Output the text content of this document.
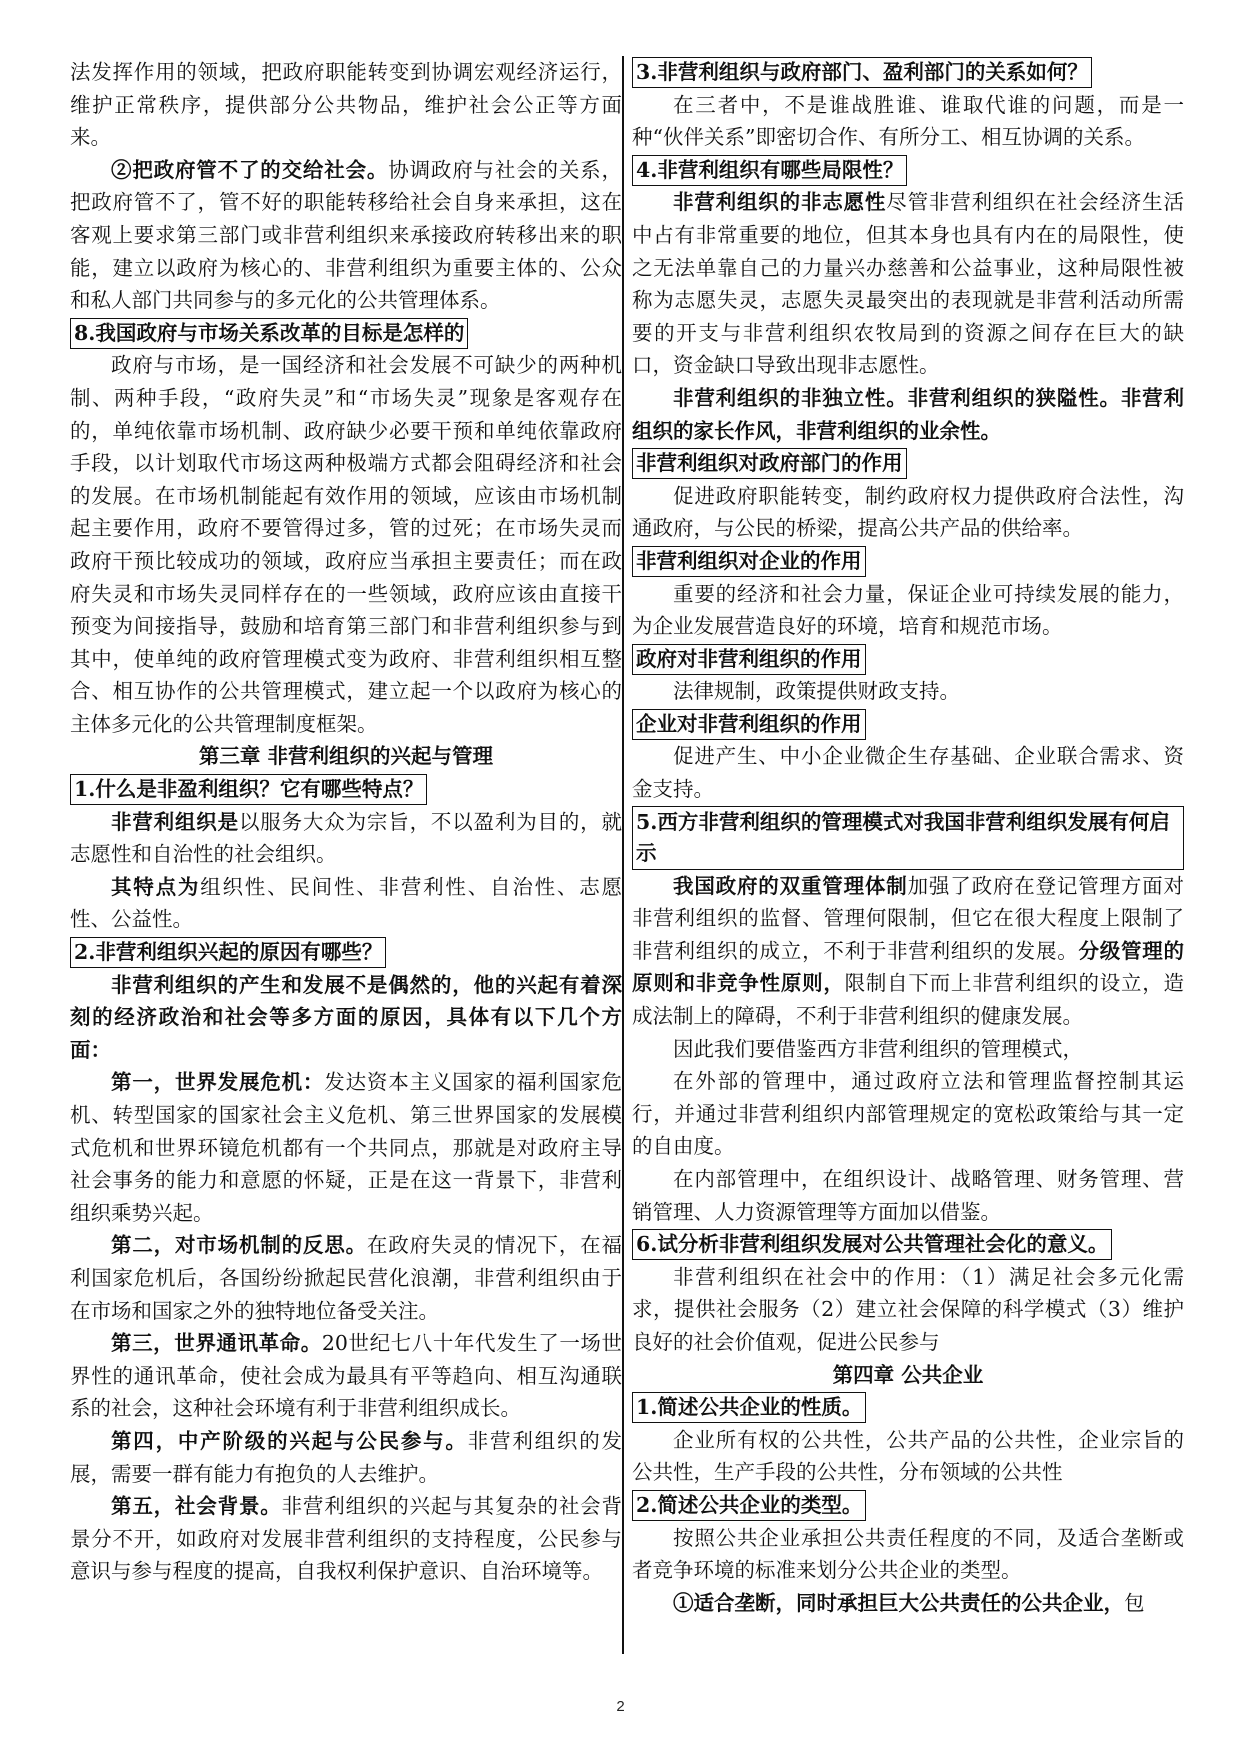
法发挥作用的领域，把政府职能转变到协调宏观经济运行，维护正常秩序，提供部分公共物品，维护社会公正等方面来。

②把政府管不了的交给社会。协调政府与社会的关系，把政府管不了，管不好的职能转移给社会自身来承担，这在客观上要求第三部门或非营利组织来承接政府转移出来的职能，建立以政府为核心的、非营利组织为重要主体的、公众和私人部门共同参与的多元化的公共管理体系。

8.我国政府与市场关系改革的目标是怎样的

政府与市场，是一国经济和社会发展不可缺少的两种机制、两种手段，“政府失灵”和“市场失灵”现象是客观存在的，单纯依靠市场机制、政府缺少必要干预和单纯依靠政府手段，以计划取代市场这两种极端方式都会阻碍经济和社会的发展。在市场机制能起有效作用的领域，应该由市场机制起主要作用，政府不要管得过多，管的过死；在市场失灵而政府干预比较成功的领域，政府应当承担主要责任；而在政府失灵和市场失灵同样存在的一些领域，政府应该由直接干预变为间接指导，鼓励和培育第三部门和非营利组织参与到其中，使单纯的政府管理模式变为政府、非营利组织相互整合、相互协作的公共管理模式，建立起一个以政府为核心的主体多元化的公共管理制度框架。

第三章 非营利组织的兴起与管理

1.什么是非盈利组织？它有哪些特点？

非营利组织是以服务大众为宗旨，不以盈利为目的，就志愿性和自治性的社会组织。

其特点为组织性、民间性、非营利性、自治性、志愿性、公益性。

2.非营利组织兴起的原因有哪些？

非营利组织的产生和发展不是偶然的，他的兴起有着深刻的经济政治和社会等多方面的原因，具体有以下几个方面：

第一，世界发展危机：发达资本主义国家的福利国家危机、转型国家的国家社会主义危机、第三世界国家的发展模式危机和世界环镜危机都有一个共同点，那就是对政府主导社会事务的能力和意愿的怀疑，正是在这一背景下，非营利组织乘势兴起。

第二，对市场机制的反思。在政府失灵的情况下，在福利国家危机后，各国纷纷掀起民营化浪潮，非营利组织由于在市场和国家之外的独特地位备受关注。

第三，世界通讯革命。20世纪七八十年代发生了一场世界性的通讯革命，使社会成为最具有平等趋向、相互沟通联系的社会，这种社会环境有利于非营利组织成长。

第四，中产阶级的兴起与公民参与。非营利组织的发展，需要一群有能力有抱负的人去维护。

第五，社会背景。非营利组织的兴起与其复杂的社会背景分不开，如政府对发展非营利组织的支持程度，公民参与意识与参与程度的提高，自我权利保护意识、自治环境等。

3.非营利组织与政府部门、盈利部门的关系如何？

在三者中，不是谁战胜谁、谁取代谁的问题，而是一种“伙伴关系”即密切合作、有所分工、相互协调的关系。

4.非营利组织有哪些局限性？

非营利组织的非志愿性尽管非营利组织在社会经济生活中占有非常重要的地位，但其本身也具有内在的局限性，使之无法单靠自己的力量兴办慈善和公益事业，这种局限性被称为志愿失灵，志愿失灵最突出的表现就是非营利活动所需要的开支与非营利组织农牧局到的资源之间存在巨大的缺口，资金缺口导致出现非志愿性。

非营利组织的非独立性。非营利组织的狭隘性。非营利组织的家长作风，非营利组织的业余性。

非营利组织对政府部门的作用

促进政府职能转变，制约政府权力提供政府合法性，沟通政府，与公民的桥梁，提高公共产品的供给率。

非营利组织对企业的作用

重要的经济和社会力量，保证企业可持续发展的能力，为企业发展营造良好的环境，培育和规范市场。

政府对非营利组织的作用

法律规制，政策提供财政支持。

企业对非营利组织的作用

促进产生、中小企业微企生存基础、企业联合需求、资金支持。

5.西方非营利组织的管理模式对我国非营利组织发展有何启示

我国政府的双重管理体制加强了政府在登记管理方面对非营利组织的监督、管理何限制，但它在很大程度上限制了非营利组织的成立，不利于非营利组织的发展。分级管理的原则和非竞争性原则，限制自下而上非营利组织的设立，造成法制上的障碍，不利于非营利组织的健康发展。

因此我们要借鉴西方非营利组织的管理模式，

在外部的管理中，通过政府立法和管理监督控制其运行，并通过非营利组织内部管理规定的宽松政策给与其一定的自由度。

在内部管理中，在组织设计、战略管理、财务管理、营销管理、人力资源管理等方面加以借鉴。

6.试分析非营利组织发展对公共管理社会化的意义。

非营利组织在社会中的作用：（1）满足社会多元化需求，提供社会服务（2）建立社会保障的科学模式（3）维护良好的社会价值观，促进公民参与

第四章 公共企业

1.简述公共企业的性质。

企业所有权的公共性，公共产品的公共性，企业宗旨的公共性，生产手段的公共性，分布领域的公共性

2.简述公共企业的类型。

按照公共企业承担公共责任程度的不同，及适合垄断或者竞争环境的标准来划分公共企业的类型。

①适合垄断，同时承担巨大公共责任的公共企业，包

2
